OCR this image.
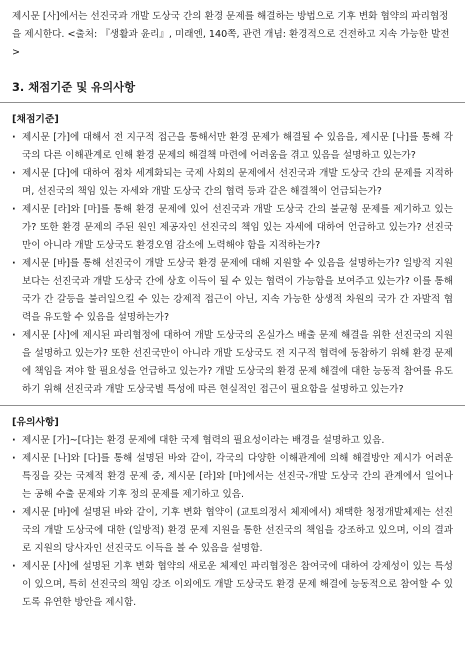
제시문 [사]에서는 선진국과 개발 도상국 간의 환경 문제를 해결하는 방법으로 기후 변화 협약의 파리협정을 제시한다. <출처: 『생활과 윤리』, 미래엔, 140쪽, 관련 개념: 환경적으로 건전하고 지속 가능한 발전>

3. 채점기준 및 유의사항
[채점기준]
· 제시문 [가]에 대해서 전 지구적 접근을 통해서만 환경 문제가 해결될 수 있음을, 제시문 [나]를 통해 각국의 다른 이해관계로 인해 환경 문제의 해결책 마련에 어려움을 겪고 있음을 설명하고 있는가?
· 제시문 [다]에 대하여 점차 세계화되는 국제 사회의 문제에서 선진국과 개발 도상국 간의 문제를 지적하며, 선진국의 책임 있는 자세와 개발 도상국 간의 협력 등과 같은 해결책이 언급되는가?
· 제시문 [라]와 [마]를 통해 환경 문제에 있어 선진국과 개발 도상국 간의 불균형 문제를 제기하고 있는가? 또한 환경 문제의 주된 원인 제공자인 선진국의 책임 있는 자세에 대하여 언급하고 있는가? 선진국만이 아니라 개발 도상국도 환경오염 감소에 노력해야 함을 지적하는가?
· 제시문 [바]를 통해 선진국이 개발 도상국 환경 문제에 대해 지원할 수 있음을 설명하는가? 일방적 지원보다는 선진국과 개발 도상국 간에 상호 이득이 될 수 있는 협력이 가능함을 보여주고 있는가? 이를 통해 국가 간 갈등을 불러일으킬 수 있는 강제적 접근이 아닌, 지속 가능한 상생적 차원의 국가 간 자발적 협력을 유도할 수 있음을 설명하는가?
· 제시문 [사]에 제시된 파리협정에 대하여 개발 도상국의 온실가스 배출 문제 해결을 위한 선진국의 지원을 설명하고 있는가? 또한 선진국만이 아니라 개발 도상국도 전 지구적 협력에 동참하기 위해 환경 문제에 책임을 져야 할 필요성을 언급하고 있는가? 개발 도상국의 환경 문제 해결에 대한 능동적 참여를 유도하기 위해 선진국과 개발 도상국별 특성에 따른 현실적인 접근이 필요함을 설명하고 있는가?
[유의사항]
· 제시문 [가]~[다]는 환경 문제에 대한 국제 협력의 필요성이라는 배경을 설명하고 있음.
· 제시문 [나]와 [다]를 통해 설명된 바와 같이, 각국의 다양한 이해관계에 의해 해결방안 제시가 어려운 특징을 갖는 국제적 환경 문제 중, 제시문 [라]와 [마]에서는 선진국-개발 도상국 간의 관계에서 일어나는 공해 수출 문제와 기후 정의 문제를 제기하고 있음.
· 제시문 [바]에 설명된 바와 같이, 기후 변화 협약이 (교토의정서 체제에서) 채택한 청정개발체제는 선진국의 개발 도상국에 대한 (일방적) 환경 문제 지원을 통한 선진국의 책임을 강조하고 있으며, 이의 결과로 지원의 당사자인 선진국도 이득을 볼 수 있음을 설명함.
· 제시문 [사]에 설명된 기후 변화 협약의 새로운 체제인 파리협정은 참여국에 대하여 강제성이 있는 특성이 있으며, 특히 선진국의 책임 강조 이외에도 개발 도상국도 환경 문제 해결에 능동적으로 참여할 수 있도록 유연한 방안을 제시함.
